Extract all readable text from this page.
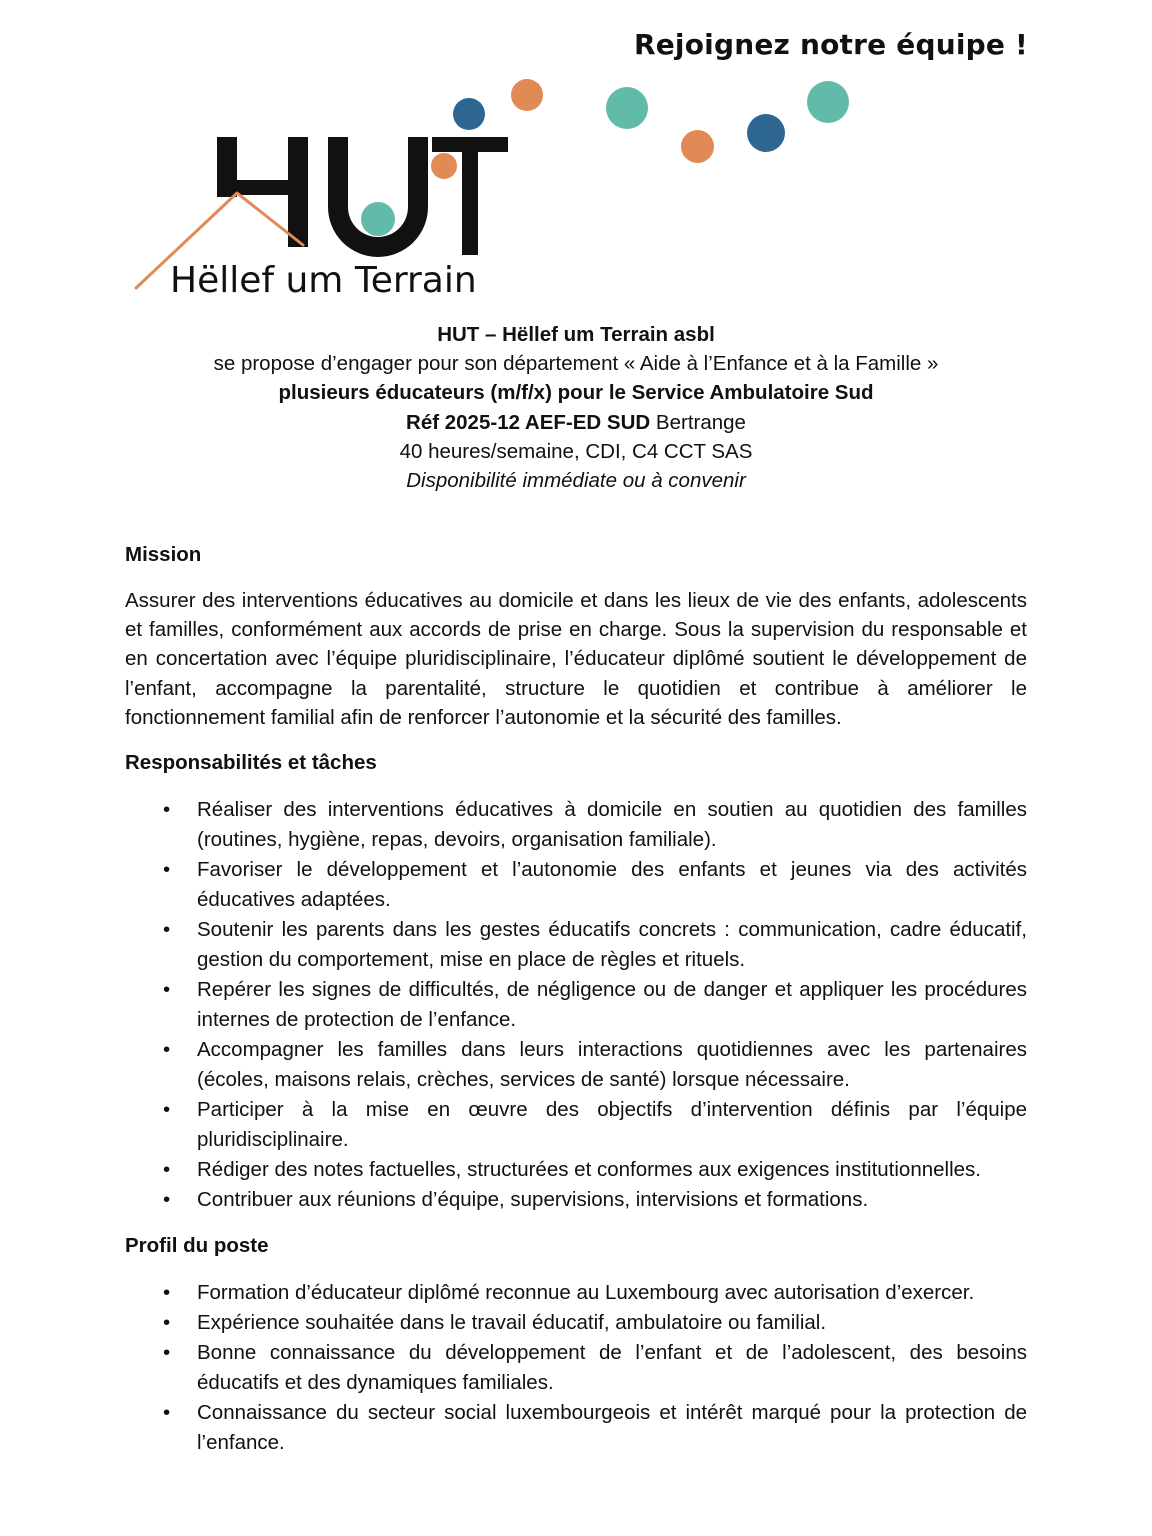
Rejoignez notre équipe !
Hëllef um Terrain
HUT – Hëllef um Terrain asbl
se propose d’engager pour son département « Aide à l’Enfance et à la Famille »
plusieurs éducateurs (m/f/x) pour le Service Ambulatoire Sud
Réf 2025-12 AEF-ED SUD Bertrange
40 heures/semaine, CDI, C4 CCT SAS
Disponibilité immédiate ou à convenir
Mission
Assurer des interventions éducatives au domicile et dans les lieux de vie des enfants, adolescents et familles, conformément aux accords de prise en charge. Sous la supervision du responsable et en concertation avec l’équipe pluridisciplinaire, l’éducateur diplômé soutient le développement de l’enfant, accompagne la parentalité, structure le quotidien et contribue à améliorer le fonctionnement familial afin de renforcer l’autonomie et la sécurité des familles.
Responsabilités et tâches
• Réaliser des interventions éducatives à domicile en soutien au quotidien des familles (routines, hygiène, repas, devoirs, organisation familiale).
• Favoriser le développement et l’autonomie des enfants et jeunes via des activités éducatives adaptées.
• Soutenir les parents dans les gestes éducatifs concrets : communication, cadre éducatif, gestion du comportement, mise en place de règles et rituels.
• Repérer les signes de difficultés, de négligence ou de danger et appliquer les procédures internes de protection de l’enfance.
• Accompagner les familles dans leurs interactions quotidiennes avec les partenaires (écoles, maisons relais, crèches, services de santé) lorsque nécessaire.
• Participer à la mise en œuvre des objectifs d’intervention définis par l’équipe pluridisciplinaire.
• Rédiger des notes factuelles, structurées et conformes aux exigences institutionnelles.
• Contribuer aux réunions d’équipe, supervisions, intervisions et formations.
Profil du poste
• Formation d’éducateur diplômé reconnue au Luxembourg avec autorisation d’exercer.
• Expérience souhaitée dans le travail éducatif, ambulatoire ou familial.
• Bonne connaissance du développement de l’enfant et de l’adolescent, des besoins éducatifs et des dynamiques familiales.
• Connaissance du secteur social luxembourgeois et intérêt marqué pour la protection de l’enfance.
